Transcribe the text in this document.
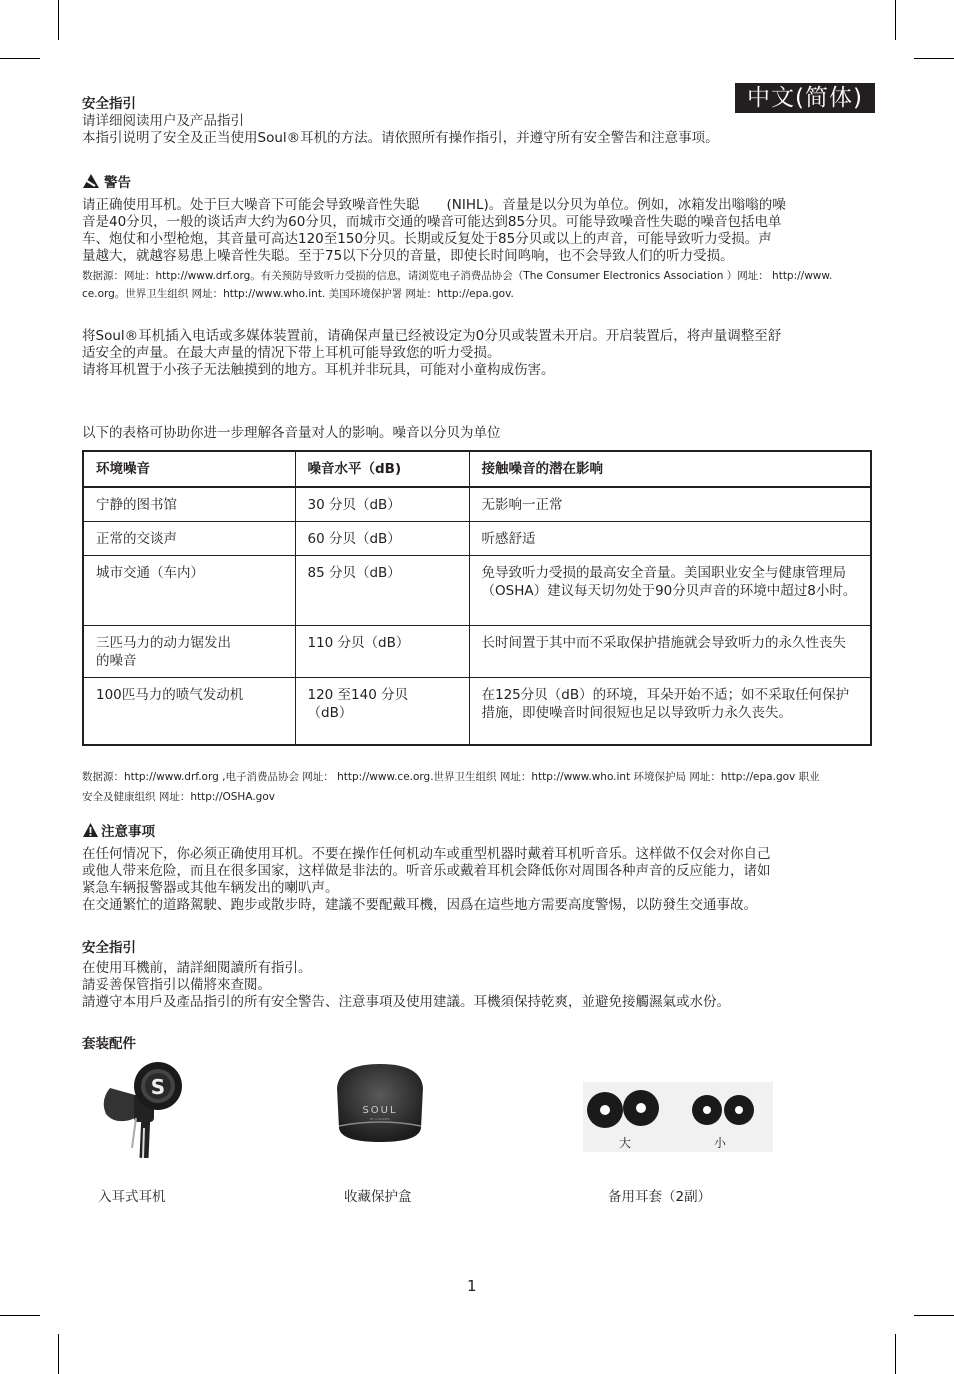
中文(简体)

安全指引

请详细阅读用户及产品指引

本指引说明了安全及正当使用Soul®耳机的方法。请依照所有操作指引，并遵守所有安全警告和注意事项。

警告

请正确使用耳机。处于巨大噪音下可能会导致噪音性失聪　　(NIHL)。音量是以分贝为单位。例如，冰箱发出嗡嗡的噪

音是40分贝，一般的谈话声大约为60分贝，而城市交通的噪音可能达到85分贝。可能导致噪音性失聪的噪音包括电单

车、炮仗和小型枪炮，其音量可高达120至150分贝。长期或反复处于85分贝或以上的声音，可能导致听力受损。声

量越大，就越容易患上噪音性失聪。至于75以下分贝的音量，即使长时间鸣响，也不会导致人们的听力受损。

数据源：网址：http://www.drf.org。有关预防导致听力受损的信息，请浏览电子消费品协会（The Consumer Electronics Association ）网址： http://www.

ce.org。世界卫生组织 网址：http://www.who.int. 美国环境保护署 网址：http://epa.gov.

将Soul®耳机插入电话或多媒体装置前，请确保声量已经被设定为0分贝或装置未开启。开启装置后，将声量调整至舒

适安全的声量。在最大声量的情况下带上耳机可能导致您的听力受损。

请将耳机置于小孩子无法触摸到的地方。耳机并非玩具，可能对小童构成伤害。

以下的表格可协助你进一步理解各音量对人的影响。噪音以分贝为单位

环境噪音	噪音水平（dB)	接触噪音的潜在影响
宁静的图书馆	30 分贝（dB）	无影响一正常
正常的交谈声	60 分贝（dB）	听感舒适
城市交通（车内）	85 分贝（dB）	免导致听力受损的最高安全音量。美国职业安全与健康管理局（OSHA）建议每天切勿处于90分贝声音的环境中超过8小时。
三匹马力的动力锯发出的噪音	110 分贝（dB）	长时间置于其中而不采取保护措施就会导致听力的永久性丧失
100匹马力的喷气发动机	120 至140 分贝（dB）	在125分贝（dB）的环境，耳朵开始不适；如不采取任何保护措施，即使噪音时间很短也足以导致听力永久丧失。

数据源：http://www.drf.org ,电子消费品协会 网址： http://www.ce.org.世界卫生组织 网址：http://www.who.int 环境保护局 网址：http://epa.gov 职业

安全及健康组织 网址：http://OSHA.gov

注意事项

在任何情况下，你必须正确使用耳机。不要在操作任何机动车或重型机器时戴着耳机听音乐。这样做不仅会对你自己

或他人带来危险，而且在很多国家，这样做是非法的。听音乐或戴着耳机会降低你对周围各种声音的反应能力，诸如

紧急车辆报警器或其他车辆发出的喇叭声。

在交通繁忙的道路駕駛、跑步或散步時，建議不要配戴耳機，因爲在這些地方需要高度警惕，以防發生交通事故。

安全指引

在使用耳機前，請詳細閱讀所有指引。

請妥善保管指引以備將來查閱。

請遵守本用戶及產品指引的所有安全警告、注意事項及使用建議。耳機須保持乾爽，並避免接觸濕氣或水份。

套装配件

S
SOUL
BY LUDACRIS
大	小
入耳式耳机	收藏保护盒	备用耳套（2副）
1
